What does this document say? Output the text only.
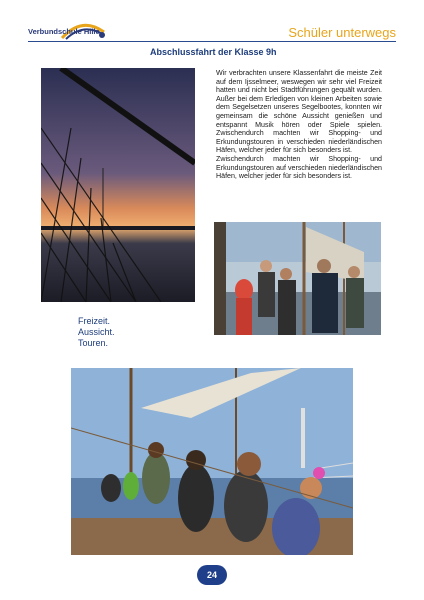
Verbundschule Hille	Schüler unterwegs
Abschlussfahrt der Klasse 9h

Wir verbrachten unsere Klassenfahrt die meiste Zeit auf dem Ijsselmeer, weswegen wir sehr viel Freizeit hatten und nicht bei Stadtführungen gequält wurden. Außer bei dem Erledigen von kleinen Arbeiten sowie dem Segelsetzen unseres Segelbootes, konnten wir gemeinsam die schöne Aussicht genießen und entspannt Musik hören oder Spiele spielen. Zwischendurch machten wir Shopping- und Erkundungstouren in verschieden niederländischen Häfen, welcher jeder für sich besonders ist.

Zwischendurch machten wir Shopping- und Erkundungstouren auf verschieden niederländischen Häfen, welcher jeder für sich besonders ist.

Freizeit.
Aussicht.
Touren.
24
